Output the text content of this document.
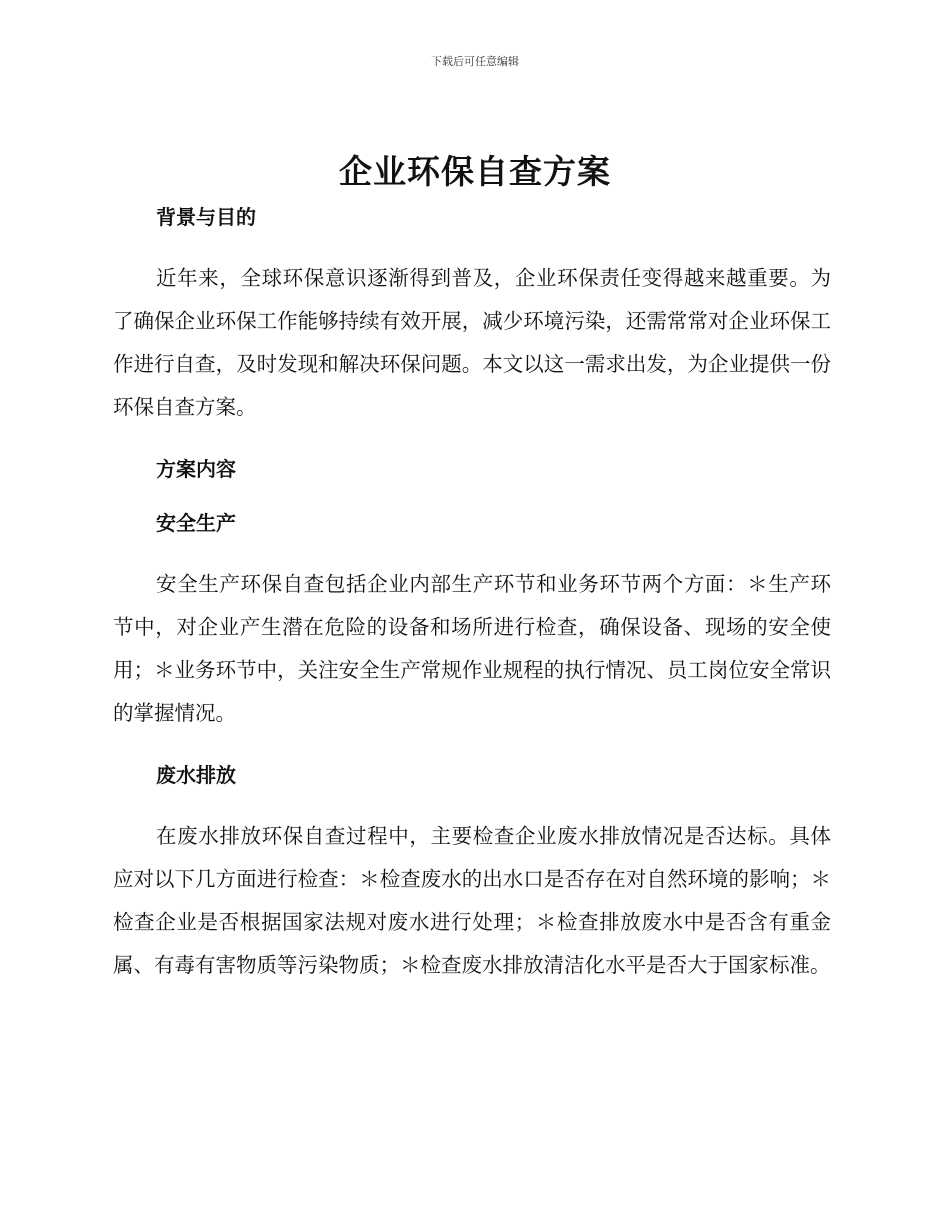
下载后可任意编辑
企业环保自查方案
背景与目的

近年来，全球环保意识逐渐得到普及，企业环保责任变得越来越重要。为了确保企业环保工作能够持续有效开展，减少环境污染，还需常常对企业环保工作进行自查，及时发现和解决环保问题。本文以这一需求出发，为企业提供一份环保自查方案。

方案内容
安全生产

安全生产环保自查包括企业内部生产环节和业务环节两个方面：＊生产环节中，对企业产生潜在危险的设备和场所进行检查，确保设备、现场的安全使用；＊业务环节中，关注安全生产常规作业规程的执行情况、员工岗位安全常识的掌握情况。

废水排放

在废水排放环保自查过程中，主要检查企业废水排放情况是否达标。具体应对以下几方面进行检查：＊检查废水的出水口是否存在对自然环境的影响；＊检查企业是否根据国家法规对废水进行处理；＊检查排放废水中是否含有重金属、有毒有害物质等污染物质；＊检查废水排放清洁化水平是否大于国家标准。
